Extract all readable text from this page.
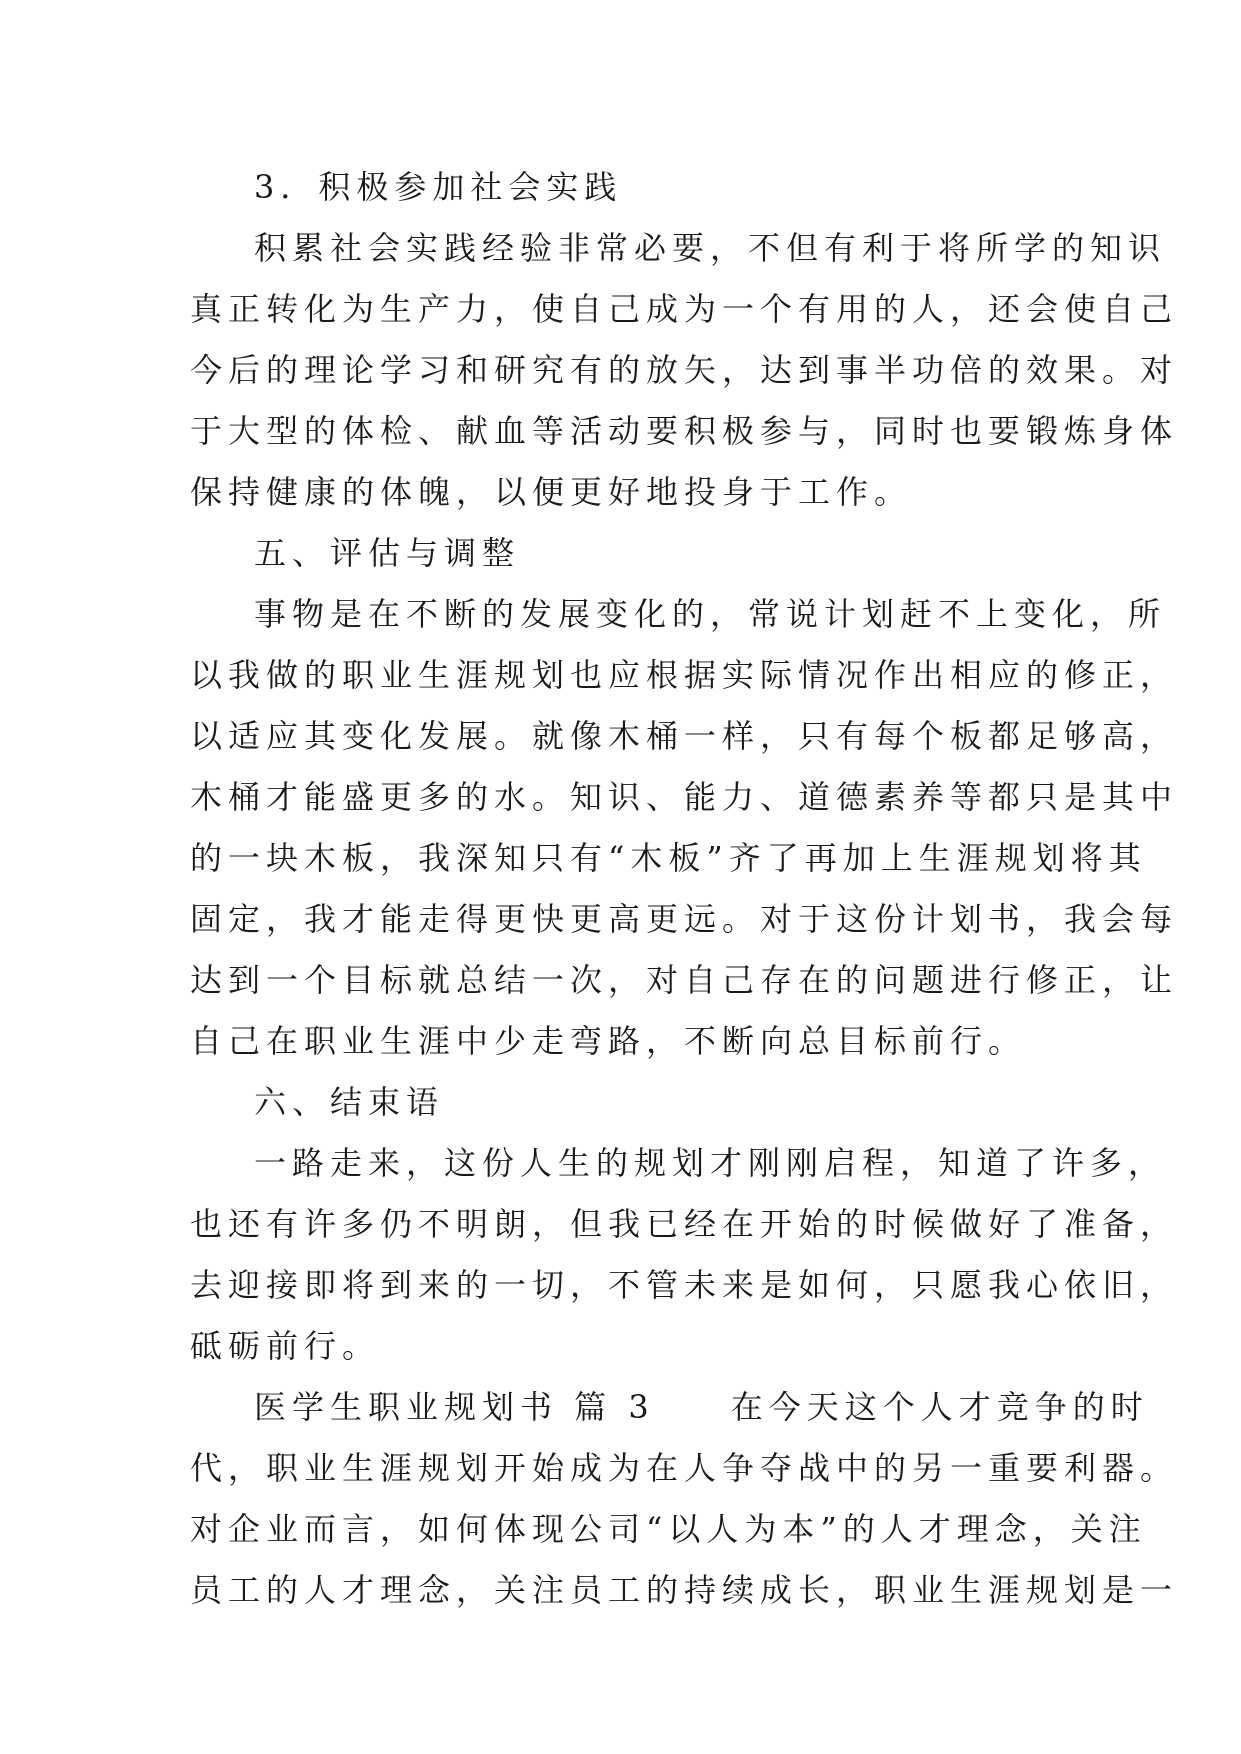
3．积极参加社会实践
积累社会实践经验非常必要，不但有利于将所学的知识
真正转化为生产力，使自己成为一个有用的人，还会使自己
今后的理论学习和研究有的放矢，达到事半功倍的效果。对
于大型的体检、献血等活动要积极参与，同时也要锻炼身体
保持健康的体魄，以便更好地投身于工作。
五、评估与调整
事物是在不断的发展变化的，常说计划赶不上变化，所
以我做的职业生涯规划也应根据实际情况作出相应的修正，
以适应其变化发展。就像木桶一样，只有每个板都足够高，
木桶才能盛更多的水。知识、能力、道德素养等都只是其中
的一块木板，我深知只有“木板”齐了再加上生涯规划将其
固定，我才能走得更快更高更远。对于这份计划书，我会每
达到一个目标就总结一次，对自己存在的问题进行修正，让
自己在职业生涯中少走弯路，不断向总目标前行。
六、结束语
一路走来，这份人生的规划才刚刚启程，知道了许多，
也还有许多仍不明朗，但我已经在开始的时候做好了准备，
去迎接即将到来的一切，不管未来是如何，只愿我心依旧，
砥砺前行。
医学生职业规划书 篇 3　　在今天这个人才竞争的时
代，职业生涯规划开始成为在人争夺战中的另一重要利器。
对企业而言，如何体现公司“以人为本”的人才理念，关注
员工的人才理念，关注员工的持续成长，职业生涯规划是一
